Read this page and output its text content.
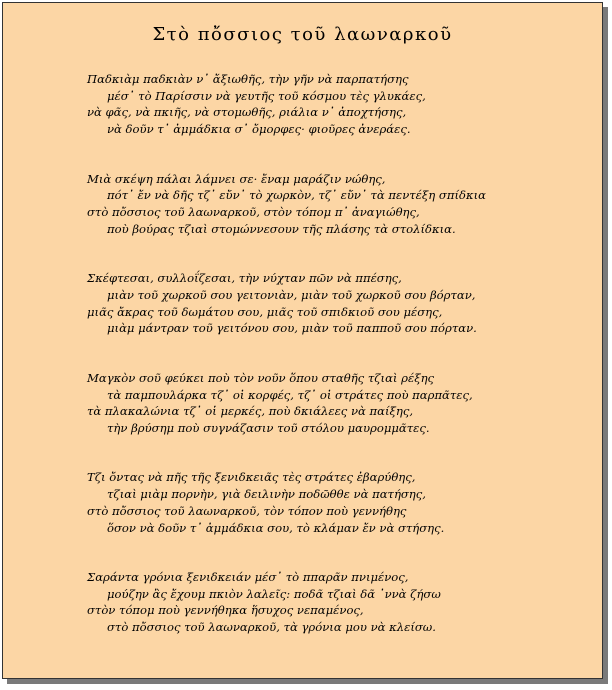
Στὸ πὄσσιος τοῦ λαωναρκοῦ
Παδκιὰμ παδκιὰν ν᾽ ἄξιωθῆς, τὴν γῆν νὰ παρπατήσης
μέσ᾽ τὸ Παρίσσιν νὰ γευτῆς τοῦ κόσμου τὲς γλυκάες,
νὰ φᾶς, νὰ πκιῆς, νὰ στομωθῆς, ριάλια ν᾽ ἀποχτήσης,
νὰ δοῦν τ᾽ ἀμμάδκια σ᾽ ὄμορφες· φιοῦρες ἀνεράες.
Μιὰ σκέψη πάλαι λάμνει σε· ἔναμ μαράζιν νώθης,
πότ᾽ ἔν νὰ δῆς τζ᾽ εὔν᾽ τὸ χωρκὸν, τζ᾽ εὔν᾽ τὰ πεντέξη σπίδκια
στὸ πὄσσιος τοῦ λαωναρκοῦ, στὸν τόπομ π᾽ ἀναγιώθης,
ποὺ βούρας τζιαὶ στομώννεσουν τῆς πλάσης τὰ στολίδκια.
Σκέφτεσαι, συλλοΐζεσαι, τὴν νύχταν πῶν νὰ ππέσης,
μιὰν τοῦ χωρκοῦ σου γειτονιὰν, μιὰν τοῦ χωρκοῦ σου βόρταν,
μιᾶς ἄκρας τοῦ δωμάτου σου, μιᾶς τοῦ σπιδκιοῦ σου μέσης,
μιὰμ μάντραν τοῦ γειτόνου σου, μιὰν τοῦ παπποῦ σου πόρταν.
Μαγκὸν σοῦ φεύκει ποὺ τὸν νοῦν ὅπου σταθῆς τζιαὶ ρέξης
τὰ παμπουλάρκα τζ᾽ οἱ κορφές, τζ᾽ οἱ στράτες ποὺ παρπᾶτες,
τὰ πλακαλώνια τζ᾽ οἱ μερκές, ποὺ δκιάλεες νὰ παίξης,
τὴν βρύσημ ποὺ συγνάζασιν τοῦ στόλου μαυρομμᾶτες.
Τζι ὄντας νὰ πῆς τῆς ξενιδκειᾶς τὲς στράτες ἐβαρύθης,
τζιαὶ μιὰμ πορνὴν, γιὰ δειλινὴν ποδῶθθε νὰ πατήσης,
στὸ πὄσσιος τοῦ λαωναρκοῦ, τὸν τόπον ποὺ γεννήθης
ὅσον νὰ δοῦν τ᾽ ἀμμάδκια σου, τὸ κλάμαν ἔν νὰ στήσης.
Σαράντα γρόνια ξενιδκειάν μέσ᾽ τὸ ππαρᾶν πνιμένος,
μούζην ἂς ἔχουμ πκιὸν λαλεῖς: ποδᾶ τζιαὶ δᾶ ᾽ννὰ ζήσω
στὸν τόπομ ποὺ γεννήθηκα ἥσυχος νεπαμένος,
στὸ πὄσσιος τοῦ λαωναρκοῦ, τὰ γρόνια μου νὰ κλείσω.
